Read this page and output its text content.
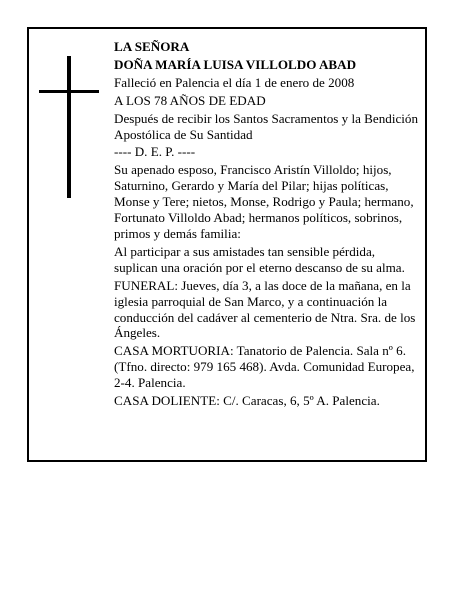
LA SEÑORA

DOÑA MARÍA LUISA VILLOLDO ABAD

Falleció en Palencia el día 1 de enero de 2008

A LOS 78 AÑOS DE EDAD

Después de recibir los Santos Sacramentos y la Bendición Apostólica de Su Santidad

---- D. E. P. ----

Su apenado esposo, Francisco Aristín Villoldo; hijos, Saturnino, Gerardo y María del Pilar; hijas políticas, Monse y Tere; nietos, Monse, Rodrigo y Paula; hermano, Fortunato Villoldo Abad; hermanos políticos, sobrinos, primos y demás familia:

Al participar a sus amistades tan sensible pérdida, suplican una oración por el eterno descanso de su alma.

FUNERAL: Jueves, día 3, a las doce de la mañana, en la iglesia parroquial de San Marco, y a continuación la conducción del cadáver al cementerio de Ntra. Sra. de los Ángeles.

CASA MORTUORIA: Tanatorio de Palencia. Sala nº 6. (Tfno. directo: 979 165 468). Avda. Comunidad Europea, 2-4. Palencia.

CASA DOLIENTE: C/. Caracas, 6, 5º A. Palencia.
